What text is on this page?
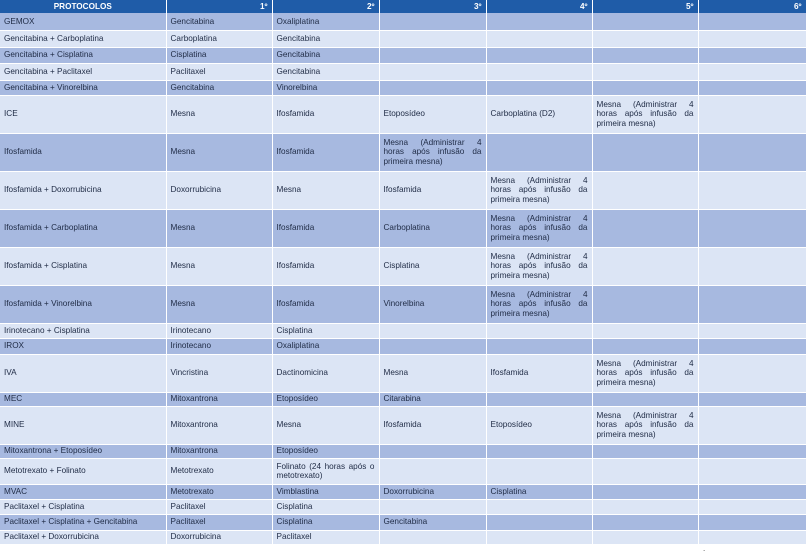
PROTOCOLOS	1º	2º	3º	4º	5º	6º
GEMOX	Gencitabina	Oxaliplatina				
Gencitabina + Carboplatina	Carboplatina	Gencitabina				
Gencitabina + Cisplatina	Cisplatina	Gencitabina				
Gencitabina + Paclitaxel	Paclitaxel	Gencitabina				
Gencitabina + Vinorelbina	Gencitabina	Vinorelbina				
ICE	Mesna	Ifosfamida	Etoposídeo	Carboplatina (D2)	Mesna (Administrar 4 horas após infusão da primeira mesna)	
Ifosfamida	Mesna	Ifosfamida	Mesna (Administrar 4 horas após infusão da primeira mesna)			
Ifosfamida + Doxorrubicina	Doxorrubicina	Mesna	Ifosfamida	Mesna (Administrar 4 horas após infusão da primeira mesna)		
Ifosfamida + Carboplatina	Mesna	Ifosfamida	Carboplatina	Mesna (Administrar 4 horas após infusão da primeira mesna)		
Ifosfamida + Cisplatina	Mesna	Ifosfamida	Cisplatina	Mesna (Administrar 4 horas após infusão da primeira mesna)		
Ifosfamida + Vinorelbina	Mesna	Ifosfamida	Vinorelbina	Mesna (Administrar 4 horas após infusão da primeira mesna)		
Irinotecano + Cisplatina	Irinotecano	Cisplatina				
IROX	Irinotecano	Oxaliplatina				
IVA	Vincristina	Dactinomicina	Mesna	Ifosfamida	Mesna (Administrar 4 horas após infusão da primeira mesna)	
MEC	Mitoxantrona	Etoposídeo	Citarabina			
MINE	Mitoxantrona	Mesna	Ifosfamida	Etoposídeo	Mesna (Administrar 4 horas após infusão da primeira mesna)	
Mitoxantrona + Etoposídeo	Mitoxantrona	Etoposídeo				
Metotrexato + Folinato	Metotrexato	Folinato (24 horas após o metotrexato)				
MVAC	Metotrexato	Vimblastina	Doxorrubicina	Cisplatina		
Paclitaxel + Cisplatina	Paclitaxel	Cisplatina				
Paclitaxel + Cisplatina + Gencitabina	Paclitaxel	Cisplatina	Gencitabina			
Paclitaxel + Doxorrubicina	Doxorrubicina	Paclitaxel				
.
